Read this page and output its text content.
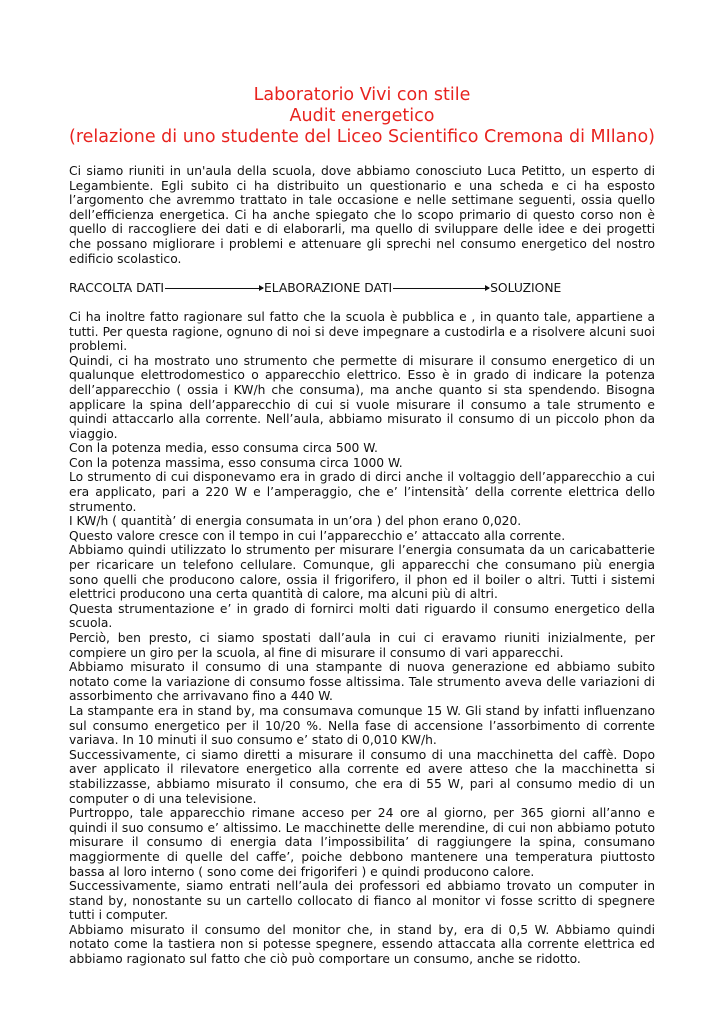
Laboratorio Vivi con stile
Audit energetico
(relazione di uno studente del Liceo Scientifico Cremona di MIlano)

Ci siamo riuniti in un'aula della scuola, dove abbiamo conosciuto Luca Petitto, un esperto di Legambiente. Egli subito ci ha distribuito un questionario e una scheda e ci ha esposto l’argomento che avremmo trattato in tale occasione e nelle settimane seguenti, ossia quello dell’efficienza energetica. Ci ha anche spiegato che lo scopo primario di questo corso non è quello di raccogliere dei dati e di elaborarli, ma quello di sviluppare delle idee e dei progetti che possano migliorare i problemi e attenuare gli sprechi nel consumo energetico del nostro edificio scolastico.

RACCOLTA DATI	ELABORAZIONE DATI	SOLUZIONE

Ci ha inoltre fatto ragionare sul fatto che la scuola è pubblica e , in quanto tale, appartiene a tutti. Per questa ragione, ognuno di noi si deve impegnare a custodirla e a risolvere alcuni suoi problemi.

Quindi, ci ha mostrato uno strumento che permette di misurare il consumo energetico di un qualunque elettrodomestico o apparecchio elettrico. Esso è in grado di indicare la potenza dell’apparecchio ( ossia i KW/h che consuma), ma anche quanto si sta spendendo. Bisogna applicare la spina dell’apparecchio di cui si vuole misurare il consumo a tale strumento e quindi attaccarlo alla corrente. Nell’aula, abbiamo misurato il consumo di un piccolo phon da viaggio.

Con la potenza media, esso consuma circa 500 W.

Con la potenza massima, esso consuma circa 1000 W.

Lo strumento di cui disponevamo era in grado di dirci anche il voltaggio dell’apparecchio a cui era applicato, pari a 220 W e l’amperaggio, che e’ l’intensità’ della corrente elettrica dello strumento.

I KW/h ( quantità’ di energia consumata in un’ora ) del phon erano 0,020.

Questo valore cresce con il tempo in cui l’apparecchio e’ attaccato alla corrente.

Abbiamo quindi utilizzato lo strumento per misurare l’energia consumata da un caricabatterie per ricaricare un telefono cellulare. Comunque, gli apparecchi che consumano più energia sono quelli che producono calore, ossia il frigorifero, il phon ed il boiler o altri. Tutti i sistemi elettrici producono una certa quantità di calore, ma alcuni più di altri.

Questa strumentazione e’ in grado di fornirci molti dati riguardo il consumo energetico della scuola.

Perciò, ben presto, ci siamo spostati dall’aula in cui ci eravamo riuniti inizialmente, per compiere un giro per la scuola, al fine di misurare il consumo di vari apparecchi.

Abbiamo misurato il consumo di una stampante di nuova generazione ed abbiamo subito notato come la variazione di consumo fosse altissima. Tale strumento aveva delle variazioni di assorbimento che arrivavano fino a 440 W.

La stampante era in stand by, ma consumava comunque 15 W. Gli stand by infatti influenzano sul consumo energetico per il 10/20 %. Nella fase di accensione l’assorbimento di corrente variava. In 10 minuti il suo consumo e’ stato di 0,010 KW/h.

Successivamente, ci siamo diretti a misurare il consumo di una macchinetta del caffè. Dopo aver applicato il rilevatore energetico alla corrente ed avere atteso che la macchinetta si stabilizzasse, abbiamo misurato il consumo, che era di 55 W, pari al consumo medio di un computer o di una televisione.

Purtroppo, tale apparecchio rimane acceso per 24 ore al giorno, per 365 giorni all’anno e quindi il suo consumo e’ altissimo. Le macchinette delle merendine, di cui non abbiamo potuto misurare il consumo di energia data l’impossibilita’ di raggiungere la spina, consumano maggiormente di quelle del caffe’, poiche debbono mantenere una temperatura piuttosto bassa al loro interno ( sono come dei frigoriferi ) e quindi producono calore.

Successivamente, siamo entrati nell’aula dei professori ed abbiamo trovato un computer in stand by, nonostante su un cartello collocato di fianco al monitor vi fosse scritto di spegnere tutti i computer.

Abbiamo misurato il consumo del monitor che, in stand by, era di 0,5 W. Abbiamo quindi notato come la tastiera non si potesse spegnere, essendo attaccata alla corrente elettrica ed abbiamo ragionato sul fatto che ciò può comportare un consumo, anche se ridotto.
